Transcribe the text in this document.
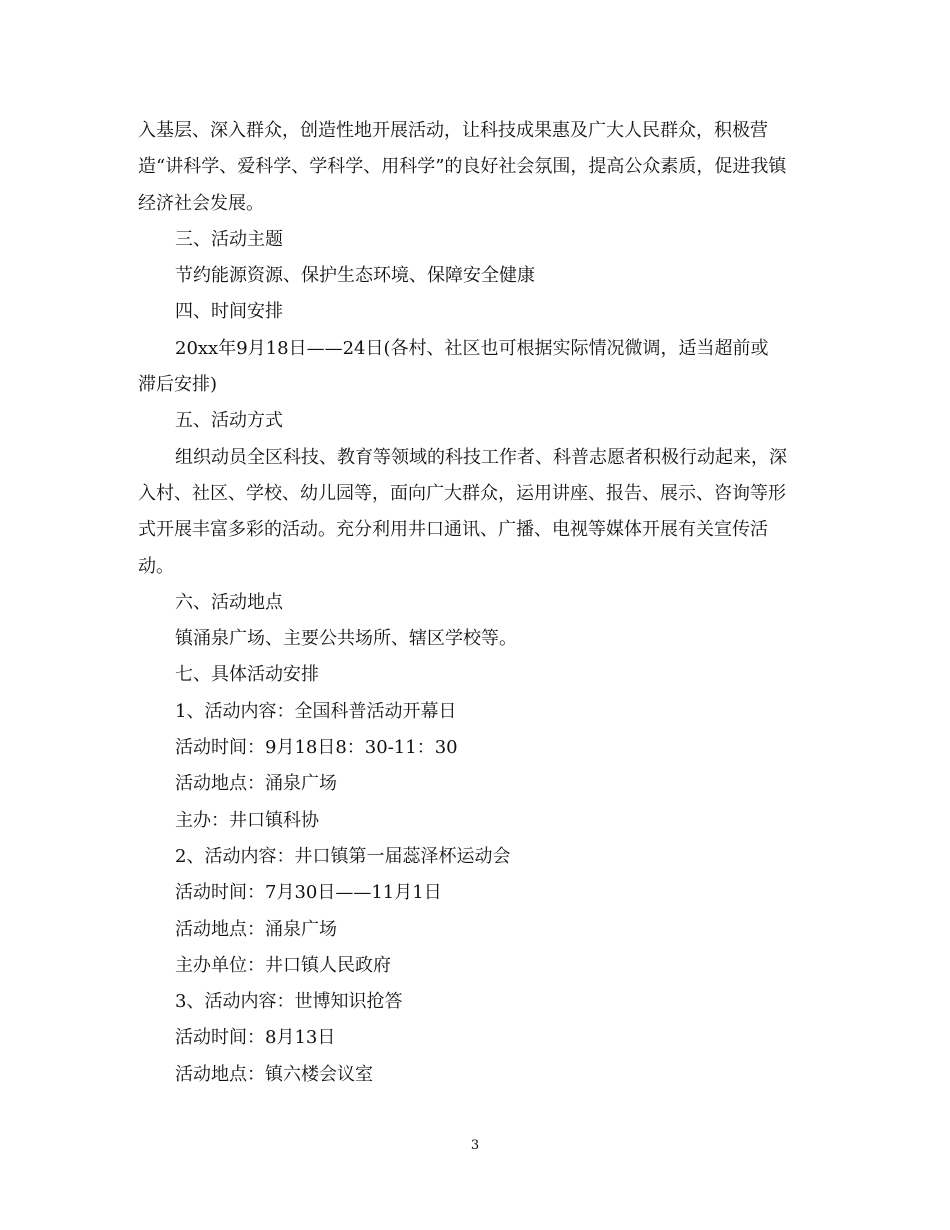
入基层、深入群众，创造性地开展活动，让科技成果惠及广大人民群众，积极营
造“讲科学、爱科学、学科学、用科学”的良好社会氛围，提高公众素质，促进我镇
经济社会发展。
三、活动主题
节约能源资源、保护生态环境、保障安全健康
四、时间安排
20xx年9月18日——24日(各村、社区也可根据实际情况微调，适当超前或
滞后安排)
五、活动方式
组织动员全区科技、教育等领域的科技工作者、科普志愿者积极行动起来，深
入村、社区、学校、幼儿园等，面向广大群众，运用讲座、报告、展示、咨询等形
式开展丰富多彩的活动。充分利用井口通讯、广播、电视等媒体开展有关宣传活
动。
六、活动地点
镇涌泉广场、主要公共场所、辖区学校等。
七、具体活动安排
1、活动内容：全国科普活动开幕日
活动时间：9月18日8：30-11：30
活动地点：涌泉广场
主办：井口镇科协
2、活动内容：井口镇第一届蕊泽杯运动会
活动时间：7月30日——11月1日
活动地点：涌泉广场
主办单位：井口镇人民政府
3、活动内容：世博知识抢答
活动时间：8月13日
活动地点：镇六楼会议室
3
